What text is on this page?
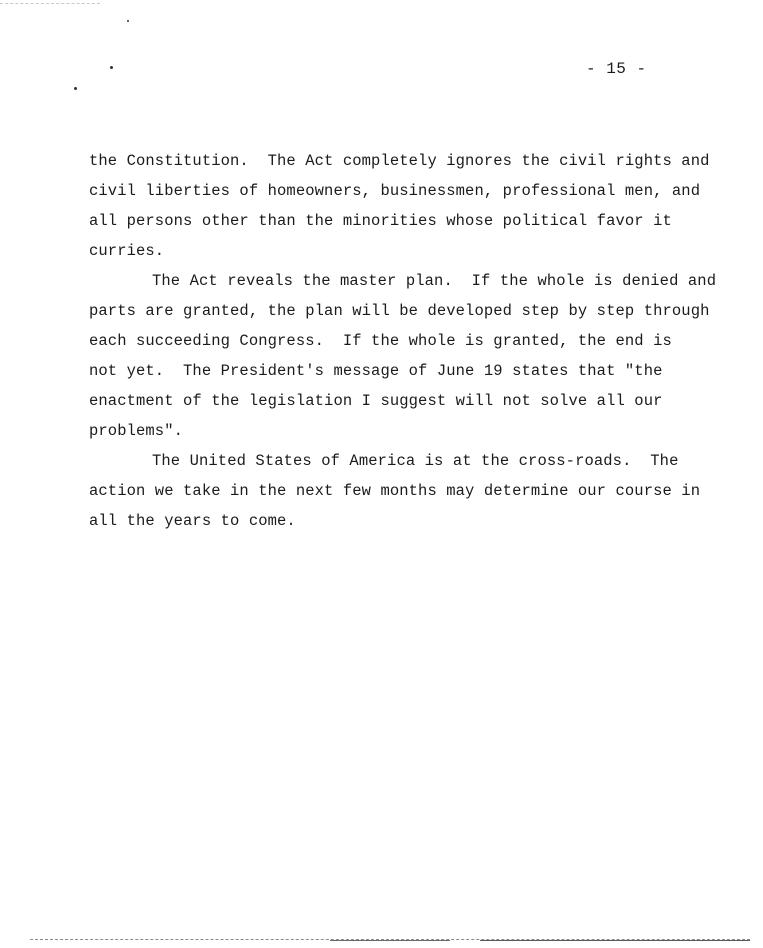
- 15 -
the Constitution.  The Act completely ignores the civil rights and
civil liberties of homeowners, businessmen, professional men, and
all persons other than the minorities whose political favor it
curries.
The Act reveals the master plan.  If the whole is denied and
parts are granted, the plan will be developed step by step through
each succeeding Congress.  If the whole is granted, the end is
not yet.  The President's message of June 19 states that "the
enactment of the legislation I suggest will not solve all our
problems".
The United States of America is at the cross-roads.  The
action we take in the next few months may determine our course in
all the years to come.
